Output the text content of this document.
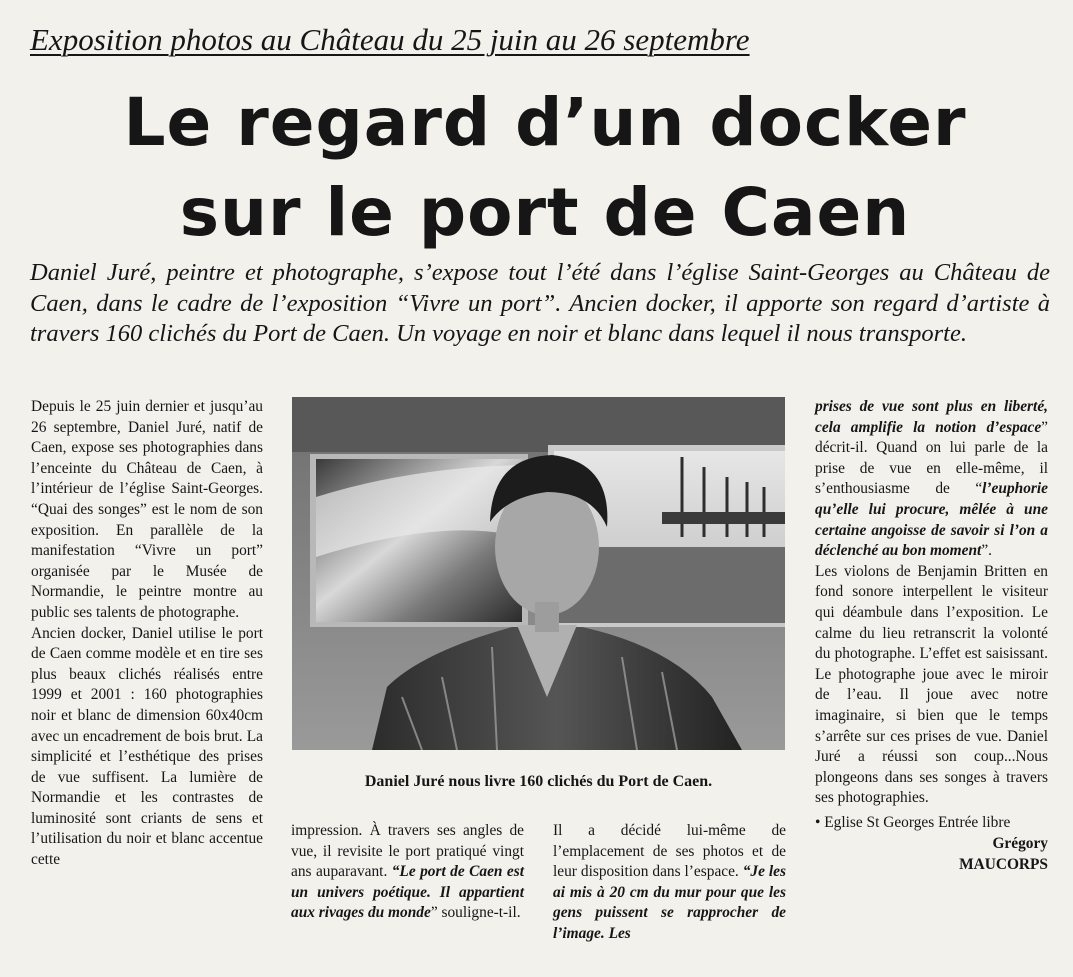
Exposition photos au Château du 25 juin au 26 septembre
Le regard d’un docker
sur le port de Caen
Daniel Juré, peintre et photographe, s’expose tout l’été dans l’église Saint-Georges au Château de Caen, dans le cadre de l’exposition “Vivre un port”. Ancien docker, il apporte son regard d’artiste à travers 160 clichés du Port de Caen. Un voyage en noir et blanc dans lequel il nous transporte.

Depuis le 25 juin dernier et jusqu’au 26 septembre, Daniel Juré, natif de Caen, expose ses photographies dans l’enceinte du Château de Caen, à l’intérieur de l’église Saint-Georges. “Quai des songes” est le nom de son exposition. En parallèle de la manifestation “Vivre un port” organisée par le Musée de Normandie, le peintre montre au public ses talents de photographe.

Ancien docker, Daniel utilise le port de Caen comme modèle et en tire ses plus beaux clichés réalisés entre 1999 et 2001 : 160 photographies noir et blanc de dimension 60x40cm avec un encadrement de bois brut. La simplicité et l’esthétique des prises de vue suffisent. La lumière de Normandie et les contrastes de luminosité sont criants de sens et l’utilisation du noir et blanc accentue cette

Daniel Juré nous livre 160 clichés du Port de Caen.

impression. À travers ses angles de vue, il revisite le port pratiqué vingt ans auparavant. “Le port de Caen est un univers poétique. Il appartient aux rivages du monde” souligne-t-il.

Il a décidé lui-même de l’emplacement de ses photos et de leur disposition dans l’espace. “Je les ai mis à 20 cm du mur pour que les gens puissent se rapprocher de l’image. Les

prises de vue sont plus en liberté, cela amplifie la notion d’espace” décrit-il. Quand on lui parle de la prise de vue en elle-même, il s’enthousiasme de “l’euphorie qu’elle lui procure, mêlée à une certaine angoisse de savoir si l’on a déclenché au bon moment”.

Les violons de Benjamin Britten en fond sonore interpellent le visiteur qui déambule dans l’exposition. Le calme du lieu retranscrit la volonté du photographe. L’effet est saisissant. Le photographe joue avec le miroir de l’eau. Il joue avec notre imaginaire, si bien que le temps s’arrête sur ces prises de vue. Daniel Juré a réussi son coup...Nous plongeons dans ses songes à travers ses photographies.

• Eglise St Georges Entrée libre

Grégory
MAUCORPS
